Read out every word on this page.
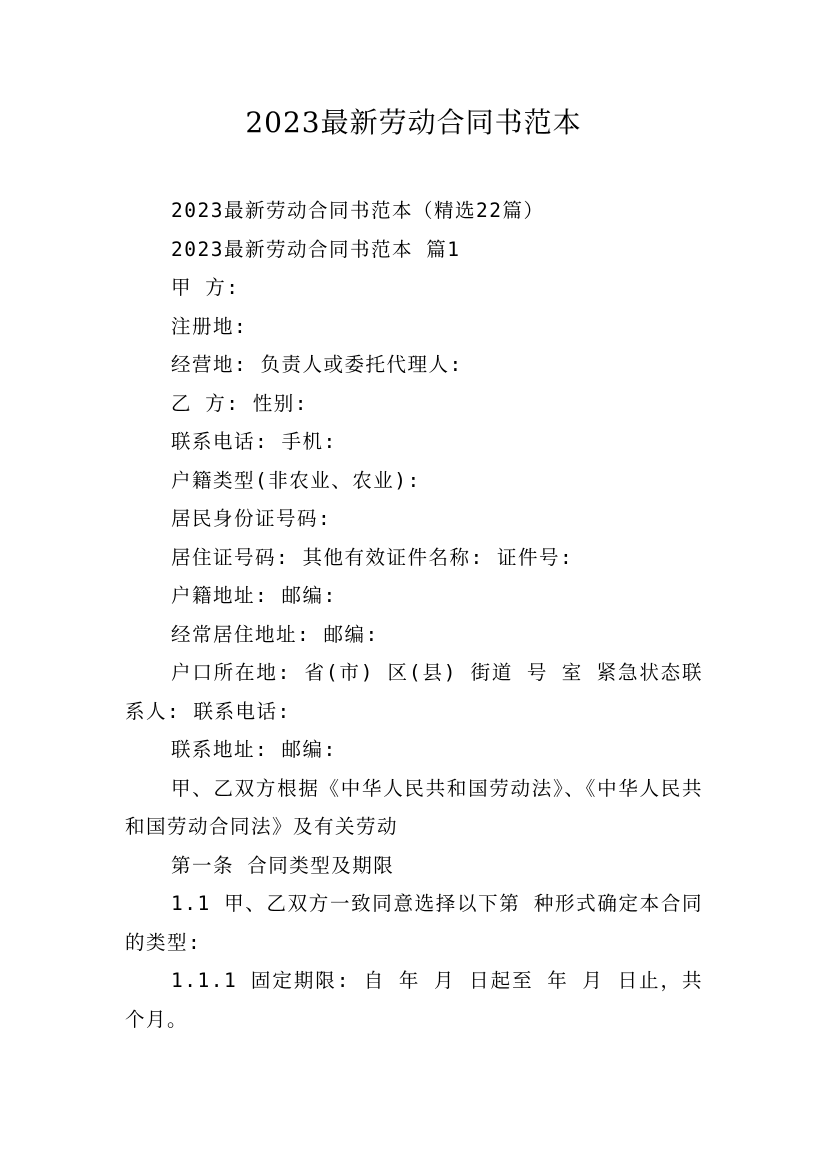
2023最新劳动合同书范本

2023最新劳动合同书范本（精选22篇）

2023最新劳动合同书范本 篇1

甲 方:

注册地:

经营地: 负责人或委托代理人:

乙 方: 性别:

联系电话: 手机:

户籍类型(非农业、农业):

居民身份证号码:

居住证号码: 其他有效证件名称: 证件号:

户籍地址: 邮编:

经常居住地址: 邮编:

户口所在地: 省(市) 区(县) 街道 号 室 紧急状态联系人: 联系电话:

联系地址: 邮编:

甲、乙双方根据《中华人民共和国劳动法》、《中华人民共和国劳动合同法》及有关劳动

第一条 合同类型及期限

1.1 甲、乙双方一致同意选择以下第 种形式确定本合同的类型:

1.1.1 固定期限: 自 年 月 日起至 年 月 日止，共 个月。
